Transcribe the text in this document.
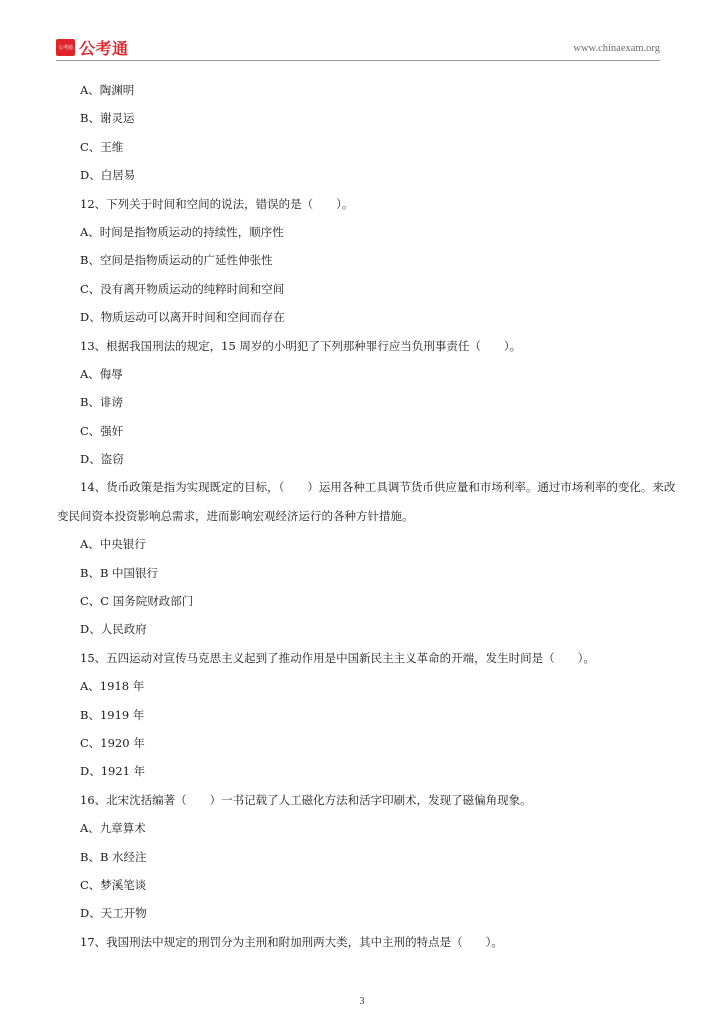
公考通 公考通	www.chinaexam.org
A、陶渊明
B、谢灵运
C、王维
D、白居易
12、下列关于时间和空间的说法，错误的是（　　）。
A、时间是指物质运动的持续性，顺序性
B、空间是指物质运动的广延性伸张性
C、没有离开物质运动的纯粹时间和空间
D、物质运动可以离开时间和空间而存在
13、根据我国刑法的规定，15 周岁的小明犯了下列那种罪行应当负刑事责任（　　）。
A、侮辱
B、诽谤
C、强奸
D、盗窃
14、货币政策是指为实现既定的目标，（　　）运用各种工具调节货币供应量和市场利率。通过市场利率的变化。来改变民间资本投资影响总需求，进而影响宏观经济运行的各种方针措施。
A、中央银行
B、B 中国银行
C、C 国务院财政部门
D、人民政府
15、五四运动对宣传马克思主义起到了推动作用是中国新民主主义革命的开端，发生时间是（　　）。
A、1918 年
B、1919 年
C、1920 年
D、1921 年
16、北宋沈括编著（　　）一书记载了人工磁化方法和活字印刷术，发现了磁偏角现象。
A、九章算术
B、B 水经注
C、梦溪笔谈
D、天工开物
17、我国刑法中规定的刑罚分为主刑和附加刑两大类，其中主刑的特点是（　　）。
3
